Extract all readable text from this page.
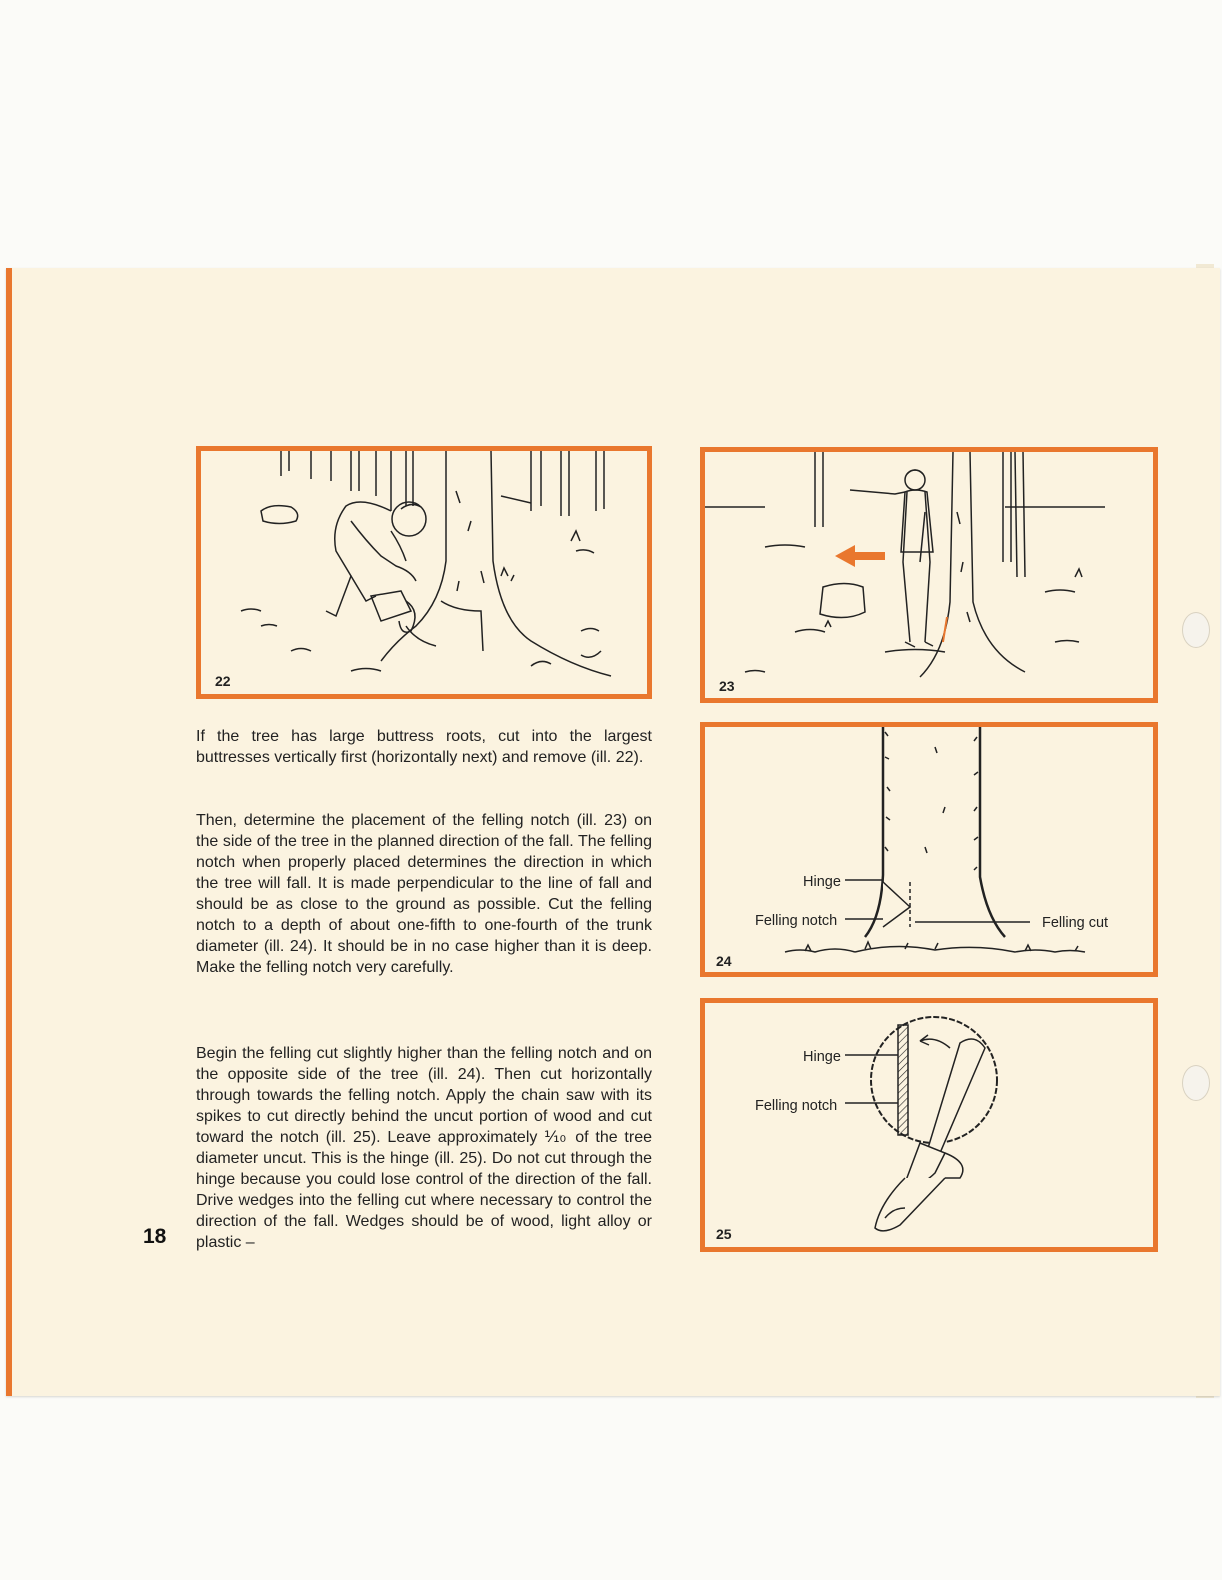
22	23
Hinge
Felling notch	Felling cut
24
Hinge
Felling notch
25
If the tree has large buttress roots, cut into the largest buttresses vertically first (horizontally next) and remove (ill. 22).
Then, determine the placement of the felling notch (ill. 23) on the side of the tree in the planned direction of the fall. The felling notch when properly placed determines the direction in which the tree will fall. It is made perpendicular to the line of fall and should be as close to the ground as possible. Cut the felling notch to a depth of about one-fifth to one-fourth of the trunk diameter (ill. 24). It should be in no case higher than it is deep. Make the felling notch very carefully.
Begin the felling cut slightly higher than the felling notch and on the opposite side of the tree (ill. 24). Then cut horizontally through towards the felling notch. Apply the chain saw with its spikes to cut directly behind the uncut portion of wood and cut toward the notch (ill. 25). Leave approximately ⅒ of the tree diameter uncut. This is the hinge (ill. 25). Do not cut through the hinge because you could lose control of the direction of the fall. Drive wedges into the felling cut where necessary to control the direction of the fall. Wedges should be of wood, light alloy or plastic –
18
